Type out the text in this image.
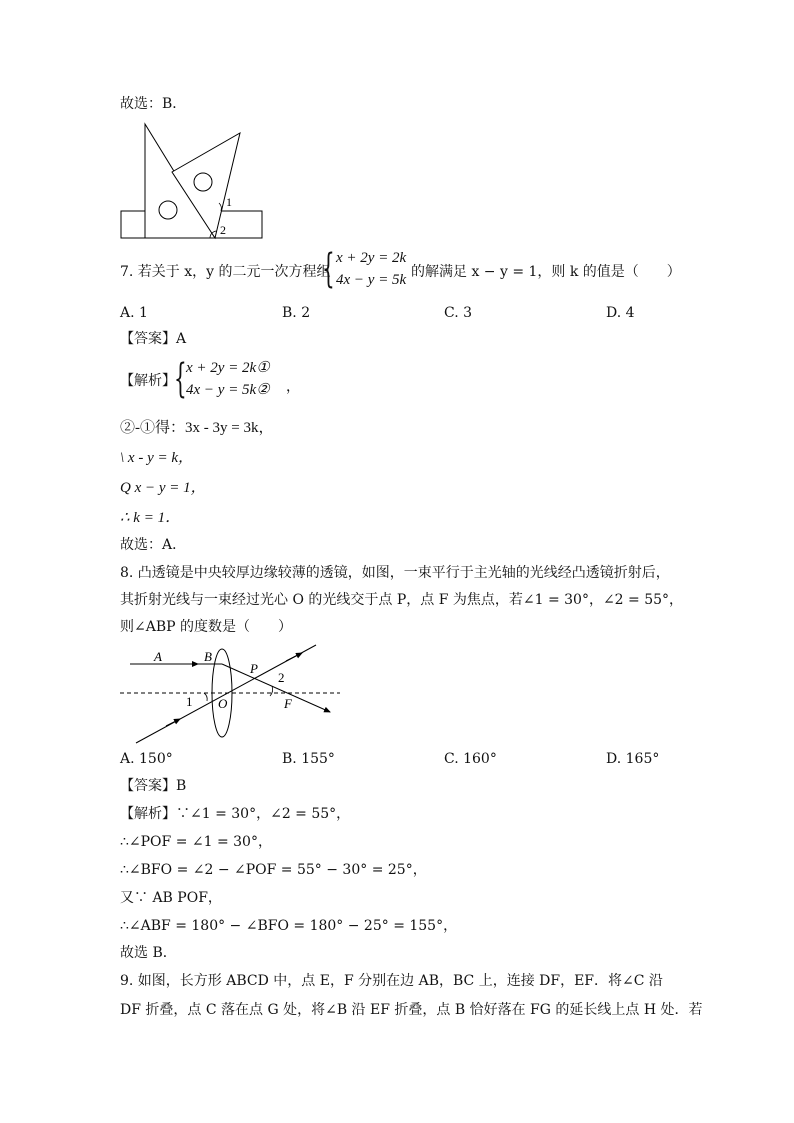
故选：B．
1
2
7. 若关于 x，y 的二元一次方程组
{ x + 2y = 2k
4x − y = 5k 的解满足 x − y = 1，则 k 的值是（　　）
A. 1	B. 2	C. 3	D. 4
【答案】A
【解析】
{ x + 2y = 2k①
4x − y = 5k② ，
②-①得：3x - 3y = 3k，
\ x - y = k，
Q x − y = 1，
∴ k = 1．
故选：A．
8. 凸透镜是中央较厚边缘较薄的透镜，如图，一束平行于主光轴的光线经凸透镜折射后，
其折射光线与一束经过光心 O 的光线交于点 P，点 F 为焦点，若∠1 = 30°，∠2 = 55°，
则∠ABP 的度数是（　　）
A	B
P
2
1 O	F
A. 150°	B. 155°	C. 160°	D. 165°
【答案】B
【解析】∵∠1 = 30°，∠2 = 55°，
∴∠POF = ∠1 = 30°，
∴∠BFO = ∠2 − ∠POF = 55° − 30° = 25°，
又∵ AB POF，
∴∠ABF = 180° − ∠BFO = 180° − 25° = 155°，
故选 B．
9. 如图，长方形 ABCD 中，点 E，F 分别在边 AB，BC 上，连接 DF，EF．将∠C 沿
DF 折叠，点 C 落在点 G 处，将∠B 沿 EF 折叠，点 B 恰好落在 FG 的延长线上点 H 处．若
